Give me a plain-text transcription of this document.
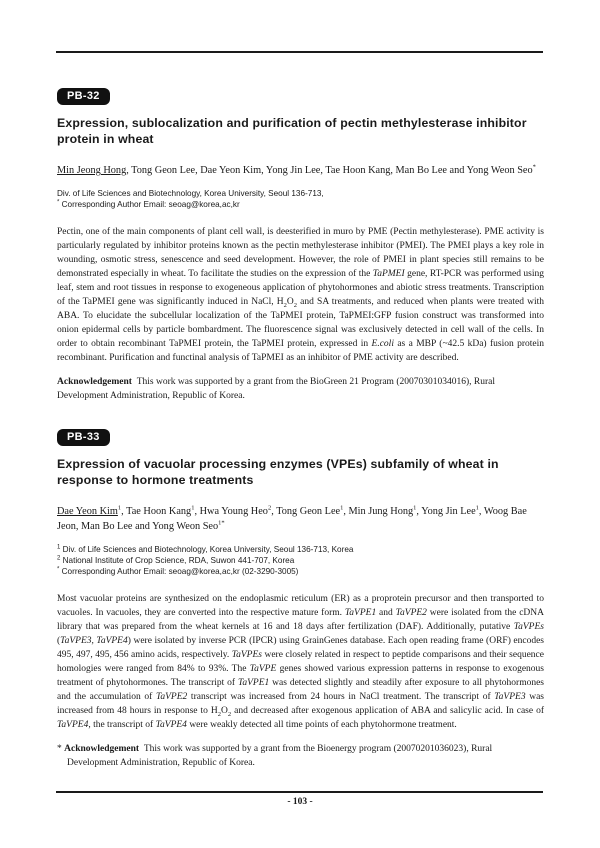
PB-32
Expression, sublocalization and purification of pectin methylesterase inhibitor protein in wheat
Min Jeong Hong, Tong Geon Lee, Dae Yeon Kim, Yong Jin Lee, Tae Hoon Kang, Man Bo Lee and Yong Weon Seo*
Div. of Life Sciences and Biotechnology, Korea University, Seoul 136-713,
* Corresponding Author Email: seoag@korea,ac,kr
Pectin, one of the main components of plant cell wall, is deesterified in muro by PME (Pectin methylesterase). PME activity is particularly regulated by inhibitor proteins known as the pectin methylesterase inhibitor (PMEI). The PMEI plays a key role in wounding, osmotic stress, senescence and seed development. However, the role of PMEI in plant species still remains to be demonstrated especially in wheat. To facilitate the studies on the expression of the TaPMEI gene, RT-PCR was performed using leaf, stem and root tissues in response to exogeneous application of phytohormones and abiotic stress treatments. Transcription of the TaPMEI gene was significantly induced in NaCl, $H_2O_2$ and SA treatments, and reduced when plants were treated with ABA. To elucidate the subcellular localization of the TaPMEI protein, TaPMEI:GFP fusion construct was transformed into onion epidermal cells by particle bombardment. The fluorescence signal was exclusively detected in cell wall of the cells. In order to obtain recombinant TaPMEI protein, the TaPMEI protein, expressed in E.coli as a MBP (~42.5 kDa) fusion protein recombinant. Purification and functinal analysis of TaPMEI as an inhibitor of PME activity are described.
Acknowledgement This work was supported by a grant from the BioGreen 21 Program (20070301034016), Rural Development Administration, Republic of Korea.
PB-33
Expression of vacuolar processing enzymes (VPEs) subfamily of wheat in response to hormone treatments
Dae Yeon Kim$^1$, Tae Hoon Kang$^1$, Hwa Young Heo$^2$, Tong Geon Lee$^1$, Min Jung Hong$^1$, Yong Jin Lee$^1$, Woog Bae Jeon, Man Bo Lee and Yong Weon Seo$^{1*}$
$^1$ Div. of Life Sciences and Biotechnology, Korea University, Seoul 136-713, Korea
$^2$ National Institute of Crop Science, RDA, Suwon 441-707, Korea
* Corresponding Author Email: seoag@korea,ac,kr (02-3290-3005)
Most vacuolar proteins are synthesized on the endoplasmic reticulum (ER) as a proprotein precursor and then transported to vacuoles. In vacuoles, they are converted into the respective mature form. TaVPE1 and TaVPE2 were isolated from the cDNA library that was prepared from the wheat kernels at 16 and 18 days after fertilization (DAF). Additionally, putative TaVPEs (TaVPE3, TaVPE4) were isolated by inverse PCR (IPCR) using GrainGenes database. Each open reading frame (ORF) encodes 495, 497, 495, 456 amino acids, respectively. TaVPEs were closely related in respect to peptide comparisons and their sequence homologies were ranged from 84% to 93%. The TaVPE genes showed various expression patterns in response to exogenous treatment of phytohormones. The transcript of TaVPE1 was detected slightly and steadily after exposure to all phytohormones and the accumulation of TaVPE2 transcript was increased from 24 hours in NaCl treatment. The transcript of TaVPE3 was increased from 48 hours in response to $H_2O_2$ and decreased after exogenous application of ABA and salicylic acid. In case of TaVPE4, the transcript of TaVPE4 were weakly detected all time points of each phytohormone treatment.
* Acknowledgement This work was supported by a grant from the Bioenergy program (20070201036023), Rural Development Administration, Republic of Korea.
- 103 -
